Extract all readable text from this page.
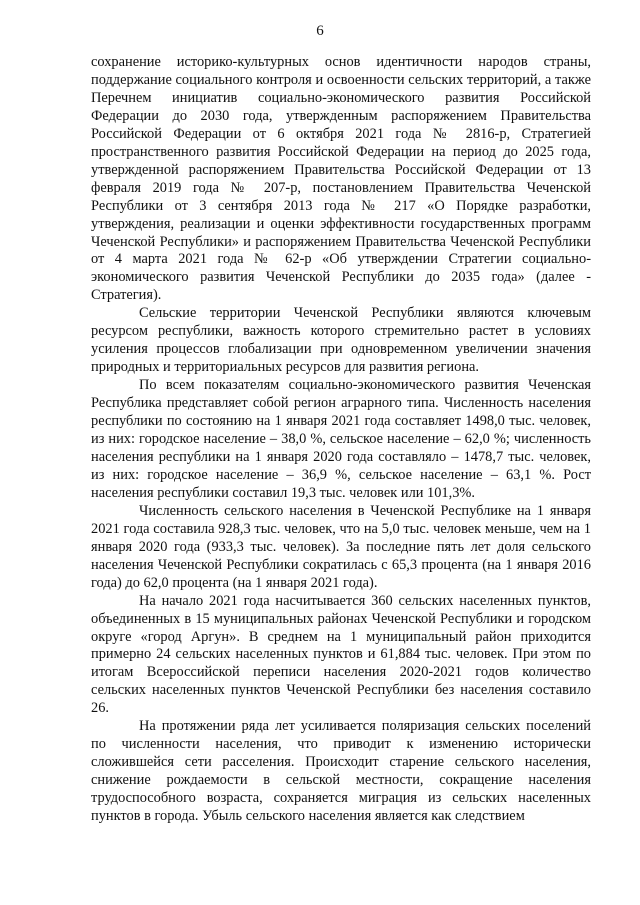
6

сохранение историко-культурных основ идентичности народов страны, поддержание социального контроля и освоенности сельских территорий, а также Перечнем инициатив социально-экономического развития Российской Федерации до 2030 года, утвержденным распоряжением Правительства Российской Федерации от 6 октября 2021 года № 2816-р, Стратегией пространственного развития Российской Федерации на период до 2025 года, утвержденной распоряжением Правительства Российской Федерации от 13 февраля 2019 года № 207-р, постановлением Правительства Чеченской Республики от 3 сентября 2013 года № 217 «О Порядке разработки, утверждения, реализации и оценки эффективности государственных программ Чеченской Республики» и распоряжением Правительства Чеченской Республики от 4 марта 2021 года № 62-р «Об утверждении Стратегии социально-экономического развития Чеченской Республики до 2035 года» (далее - Стратегия).

Сельские территории Чеченской Республики являются ключевым ресурсом республики, важность которого стремительно растет в условиях усиления процессов глобализации при одновременном увеличении значения природных и территориальных ресурсов для развития региона.

По всем показателям социально-экономического развития Чеченская Республика представляет собой регион аграрного типа. Численность населения республики по состоянию на 1 января 2021 года составляет 1498,0 тыс. человек, из них: городское население – 38,0 %, сельское население – 62,0 %; численность населения республики на 1 января 2020 года составляло – 1478,7 тыс. человек, из них: городское население – 36,9 %, сельское население – 63,1 %. Рост населения республики составил 19,3 тыс. человек или 101,3%.

Численность сельского населения в Чеченской Республике на 1 января 2021 года составила 928,3 тыс. человек, что на 5,0 тыс. человек меньше, чем на 1 января 2020 года (933,3 тыс. человек). За последние пять лет доля сельского населения Чеченской Республики сократилась с 65,3 процента (на 1 января 2016 года) до 62,0 процента (на 1 января 2021 года).

На начало 2021 года насчитывается 360 сельских населенных пунктов, объединенных в 15 муниципальных районах Чеченской Республики и городском округе «город Аргун». В среднем на 1 муниципальный район приходится примерно 24 сельских населенных пунктов и 61,884 тыс. человек. При этом по итогам Всероссийской переписи населения 2020-2021 годов количество сельских населенных пунктов Чеченской Республики без населения составило 26.

На протяжении ряда лет усиливается поляризация сельских поселений по численности населения, что приводит к изменению исторически сложившейся сети расселения. Происходит старение сельского населения, снижение рождаемости в сельской местности, сокращение населения трудоспособного возраста, сохраняется миграция из сельских населенных пунктов в города. Убыль сельского населения является как следствием
